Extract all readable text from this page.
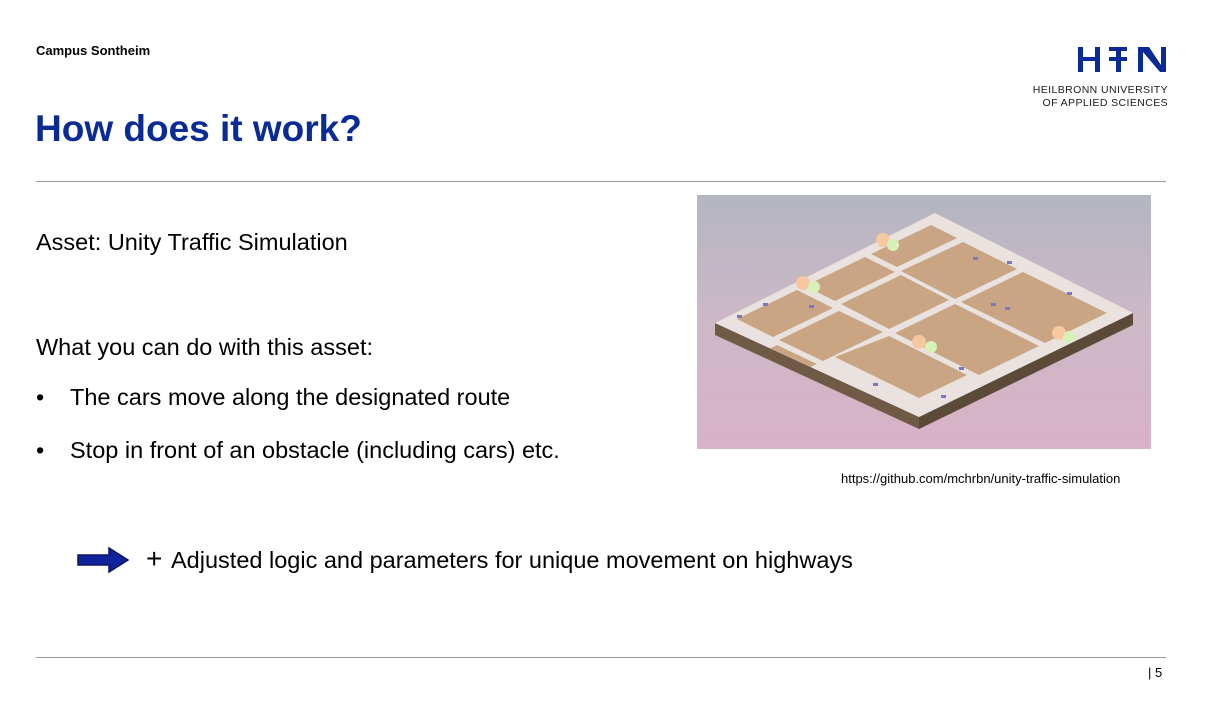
Campus Sontheim
HEILBRONN UNIVERSITY
OF APPLIED SCIENCES
How does it work?
Asset: Unity Traffic Simulation
What you can do with this asset:
• The cars move along the designated route
• Stop in front of an obstacle (including cars) etc.
https://github.com/mchrbn/unity-traffic-simulation
+ Adjusted logic and parameters for unique movement on highways
| 5
